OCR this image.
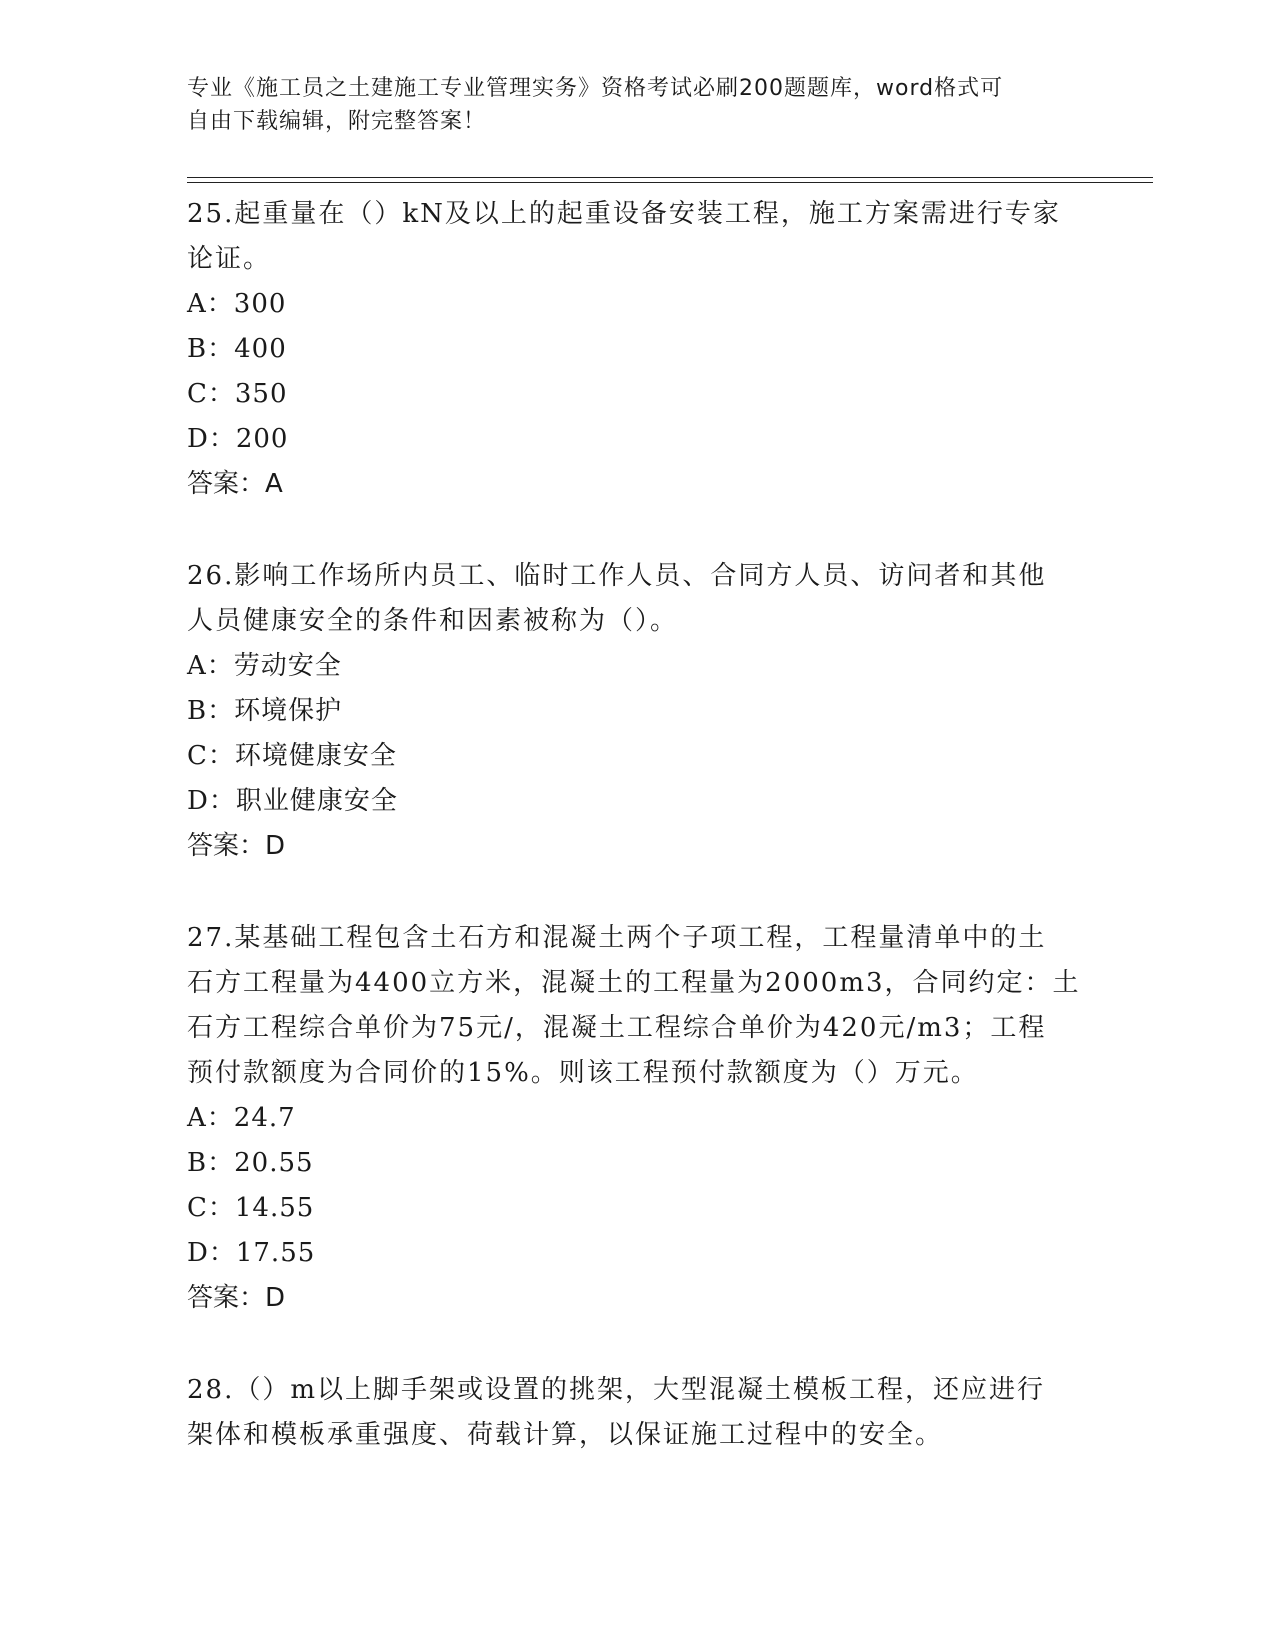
专业《施工员之土建施工专业管理实务》资格考试必刷200题题库，word格式可
自由下载编辑，附完整答案！
25.起重量在（）kN及以上的起重设备安装工程，施工方案需进行专家
论证。
A：300
B：400
C：350
D：200
答案：A
26.影响工作场所内员工、临时工作人员、合同方人员、访问者和其他
人员健康安全的条件和因素被称为（）。
A：劳动安全
B：环境保护
C：环境健康安全
D：职业健康安全
答案：D
27.某基础工程包含土石方和混凝土两个子项工程，工程量清单中的土
石方工程量为4400立方米，混凝土的工程量为2000m3，合同约定：土
石方工程综合单价为75元/，混凝土工程综合单价为420元/m3；工程
预付款额度为合同价的15%。则该工程预付款额度为（）万元。
A：24.7
B：20.55
C：14.55
D：17.55
答案：D
28.（）m以上脚手架或设置的挑架，大型混凝土模板工程，还应进行
架体和模板承重强度、荷载计算，以保证施工过程中的安全。
